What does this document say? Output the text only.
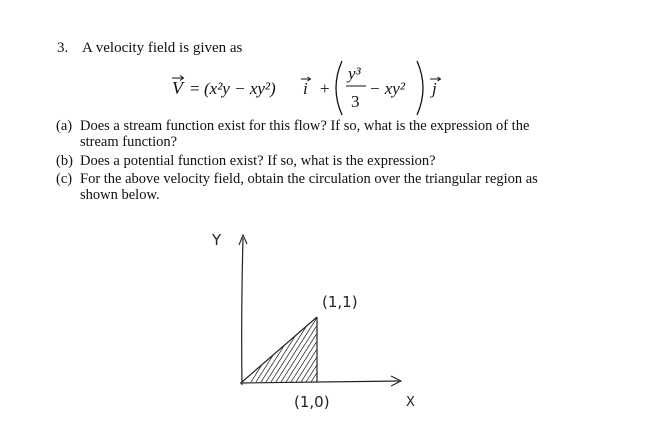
3. A velocity field is given as
V = (x²y − xy²) i +
y³
3
− xy² j
(a) Does a stream function exist for this flow? If so, what is the expression of the
stream function?
(b) Does a potential function exist? If so, what is the expression?
(c) For the above velocity field, obtain the circulation over the triangular region as
shown below.
Y
X
(1,1)
(1,0)
